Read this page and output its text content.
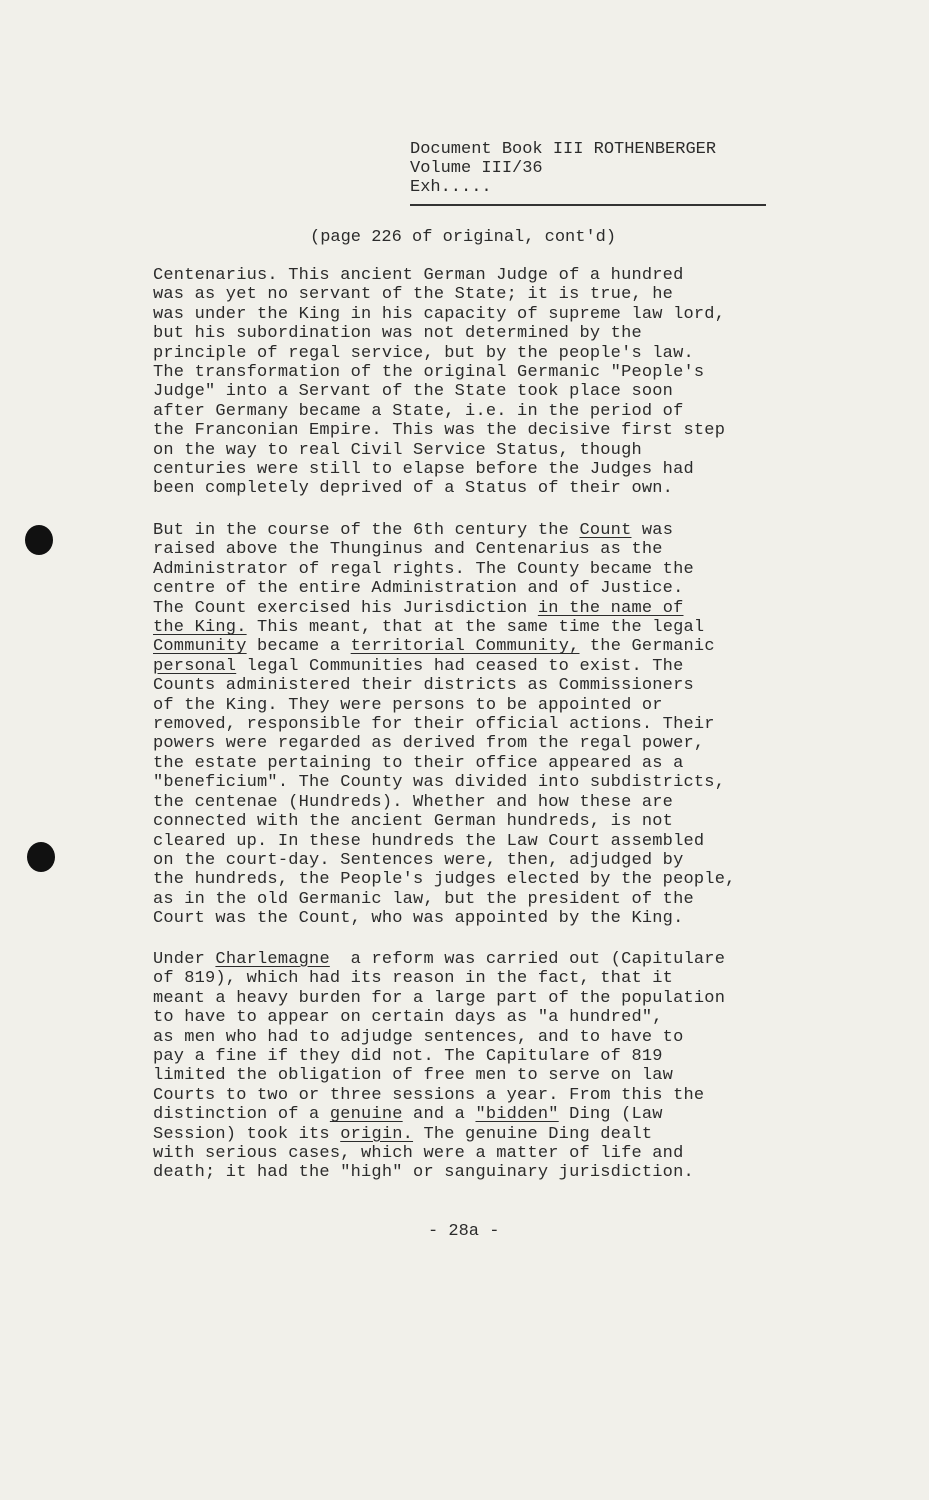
Document Book III ROTHENBERGER
Volume III/36
Exh.....
(page 226 of original, cont'd)
Centenarius. This ancient German Judge of a hundred
was as yet no servant of the State; it is true, he
was under the King in his capacity of supreme law lord,
but his subordination was not determined by the
principle of regal service, but by the people's law.
The transformation of the original Germanic "People's
Judge" into a Servant of the State took place soon
after Germany became a State, i.e. in the period of
the Franconian Empire. This was the decisive first step
on the way to real Civil Service Status, though
centuries were still to elapse before the Judges had
been completely deprived of a Status of their own.
But in the course of the 6th century the Count was
raised above the Thunginus and Centenarius as the
Administrator of regal rights. The County became the
centre of the entire Administration and of Justice.
The Count exercised his Jurisdiction in the name of
the King. This meant, that at the same time the legal
Community became a territorial Community, the Germanic
personal legal Communities had ceased to exist. The
Counts administered their districts as Commissioners
of the King. They were persons to be appointed or
removed, responsible for their official actions. Their
powers were regarded as derived from the regal power,
the estate pertaining to their office appeared as a
"beneficium". The County was divided into subdistricts,
the centenae (Hundreds). Whether and how these are
connected with the ancient German hundreds, is not
cleared up. In these hundreds the Law Court assembled
on the court-day. Sentences were, then, adjudged by
the hundreds, the People's judges elected by the people,
as in the old Germanic law, but the president of the
Court was the Count, who was appointed by the King.
Under Charlemagne  a reform was carried out (Capitulare
of 819), which had its reason in the fact, that it
meant a heavy burden for a large part of the population
to have to appear on certain days as "a hundred",
as men who had to adjudge sentences, and to have to
pay a fine if they did not. The Capitulare of 819
limited the obligation of free men to serve on law
Courts to two or three sessions a year. From this the
distinction of a genuine and a "bidden" Ding (Law
Session) took its origin. The genuine Ding dealt
with serious cases, which were a matter of life and
death; it had the "high" or sanguinary jurisdiction.
- 28a -
